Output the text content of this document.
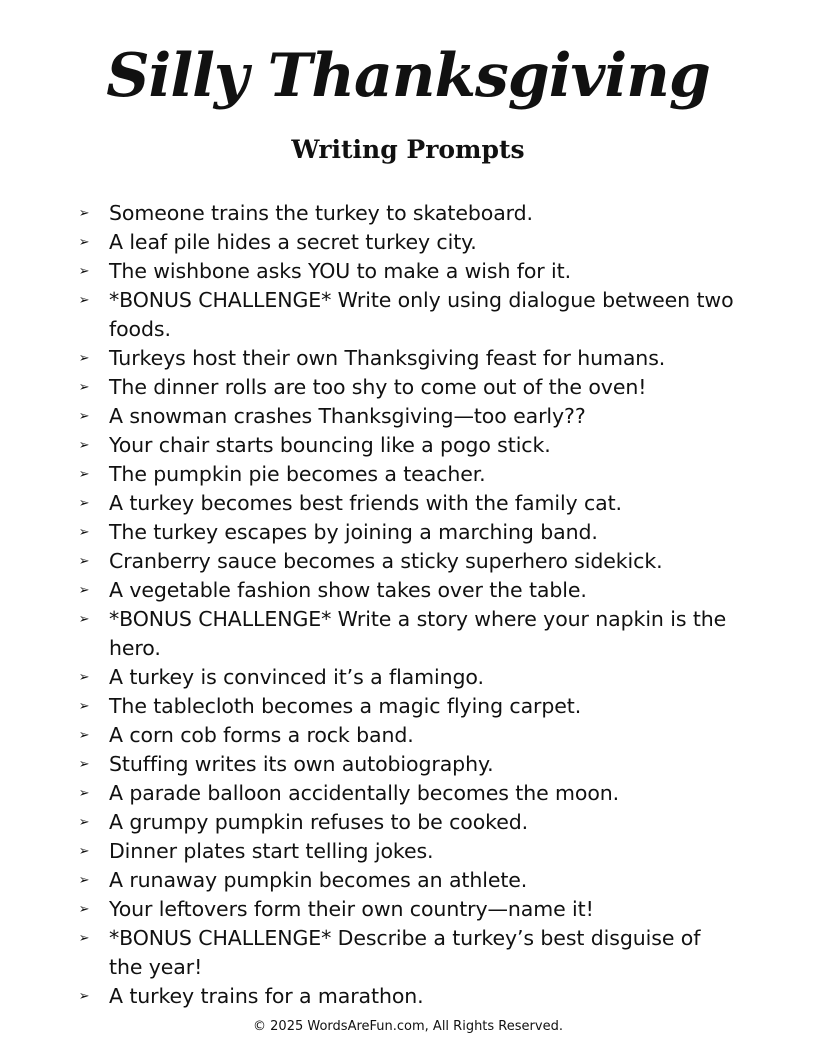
Silly Thanksgiving
Writing Prompts
➢ Someone trains the turkey to skateboard.
➢ A leaf pile hides a secret turkey city.
➢ The wishbone asks YOU to make a wish for it.
➢ *BONUS CHALLENGE* Write only using dialogue between two foods.
➢ Turkeys host their own Thanksgiving feast for humans.
➢ The dinner rolls are too shy to come out of the oven!
➢ A snowman crashes Thanksgiving—too early??
➢ Your chair starts bouncing like a pogo stick.
➢ The pumpkin pie becomes a teacher.
➢ A turkey becomes best friends with the family cat.
➢ The turkey escapes by joining a marching band.
➢ Cranberry sauce becomes a sticky superhero sidekick.
➢ A vegetable fashion show takes over the table.
➢ *BONUS CHALLENGE* Write a story where your napkin is the hero.
➢ A turkey is convinced it’s a flamingo.
➢ The tablecloth becomes a magic flying carpet.
➢ A corn cob forms a rock band.
➢ Stuffing writes its own autobiography.
➢ A parade balloon accidentally becomes the moon.
➢ A grumpy pumpkin refuses to be cooked.
➢ Dinner plates start telling jokes.
➢ A runaway pumpkin becomes an athlete.
➢ Your leftovers form their own country—name it!
➢ *BONUS CHALLENGE* Describe a turkey’s best disguise of the year!
➢ A turkey trains for a marathon.
© 2025 WordsAreFun.com, All Rights Reserved.
